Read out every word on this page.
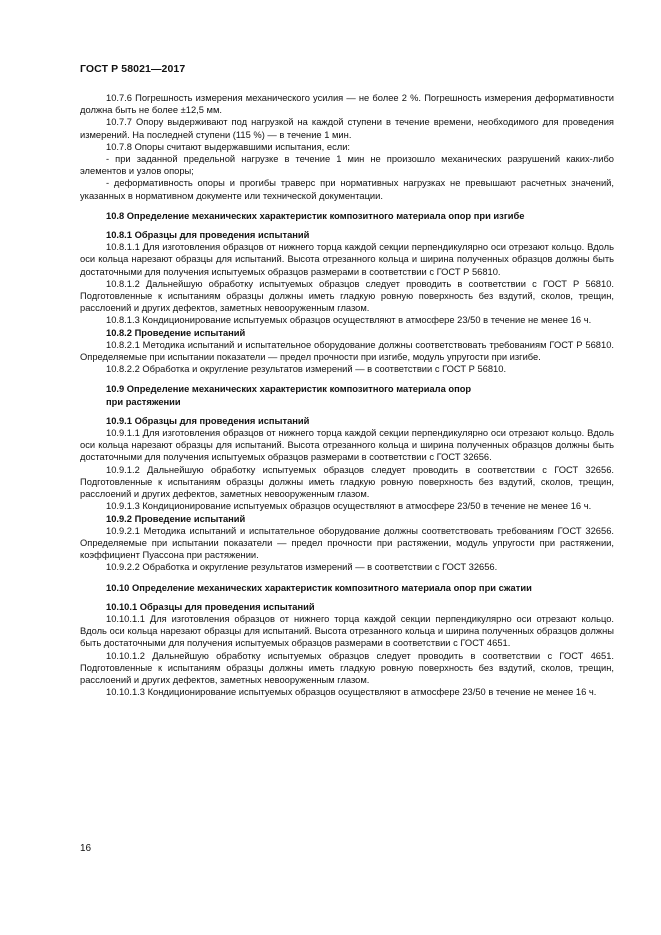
ГОСТ Р 58021—2017

10.7.6 Погрешность измерения механического усилия — не более 2 %. Погрешность измерения деформативности должна быть не более ±12,5 мм.

10.7.7 Опору выдерживают под нагрузкой на каждой ступени в течение времени, необходимого для проведения измерений. На последней ступени (115 %) — в течение 1 мин.

10.7.8 Опоры считают выдержавшими испытания, если:

- при заданной предельной нагрузке в течение 1 мин не произошло механических разрушений каких-либо элементов и узлов опоры;

- деформативность опоры и прогибы траверс при нормативных нагрузках не превышают расчетных значений, указанных в нормативном документе или технической документации.

10.8 Определение механических характеристик композитного материала опор при изгибе
10.8.1 Образцы для проведения испытаний

10.8.1.1 Для изготовления образцов от нижнего торца каждой секции перпендикулярно оси отрезают кольцо. Вдоль оси кольца нарезают образцы для испытаний. Высота отрезанного кольца и ширина полученных образцов должны быть достаточными для получения испытуемых образцов размерами в соответствии с ГОСТ Р 56810.

10.8.1.2 Дальнейшую обработку испытуемых образцов следует проводить в соответствии с ГОСТ Р 56810. Подготовленные к испытаниям образцы должны иметь гладкую ровную поверхность без вздутий, сколов, трещин, расслоений и других дефектов, заметных невооруженным глазом.

10.8.1.3 Кондиционирование испытуемых образцов осуществляют в атмосфере 23/50 в течение не менее 16 ч.

10.8.2 Проведение испытаний

10.8.2.1 Методика испытаний и испытательное оборудование должны соответствовать требованиям ГОСТ Р 56810. Определяемые при испытании показатели — предел прочности при изгибе, модуль упругости при изгибе.

10.8.2.2 Обработка и округление результатов измерений — в соответствии с ГОСТ Р 56810.

10.9 Определение механических характеристик композитного материала опор
при растяжении
10.9.1 Образцы для проведения испытаний

10.9.1.1 Для изготовления образцов от нижнего торца каждой секции перпендикулярно оси отрезают кольцо. Вдоль оси кольца нарезают образцы для испытаний. Высота отрезанного кольца и ширина полученных образцов должны быть достаточными для получения испытуемых образцов размерами в соответствии с ГОСТ 32656.

10.9.1.2 Дальнейшую обработку испытуемых образцов следует проводить в соответствии с ГОСТ 32656. Подготовленные к испытаниям образцы должны иметь гладкую ровную поверхность без вздутий, сколов, трещин, расслоений и других дефектов, заметных невооруженным глазом.

10.9.1.3 Кондиционирование испытуемых образцов осуществляют в атмосфере 23/50 в течение не менее 16 ч.

10.9.2 Проведение испытаний

10.9.2.1 Методика испытаний и испытательное оборудование должны соответствовать требованиям ГОСТ 32656. Определяемые при испытании показатели — предел прочности при растяжении, модуль упругости при растяжении, коэффициент Пуассона при растяжении.

10.9.2.2 Обработка и округление результатов измерений — в соответствии с ГОСТ 32656.

10.10 Определение механических характеристик композитного материала опор при сжатии
10.10.1 Образцы для проведения испытаний

10.10.1.1 Для изготовления образцов от нижнего торца каждой секции перпендикулярно оси отрезают кольцо. Вдоль оси кольца нарезают образцы для испытаний. Высота отрезанного кольца и ширина полученных образцов должны быть достаточными для получения испытуемых образцов размерами в соответствии с ГОСТ 4651.

10.10.1.2 Дальнейшую обработку испытуемых образцов следует проводить в соответствии с ГОСТ 4651. Подготовленные к испытаниям образцы должны иметь гладкую ровную поверхность без вздутий, сколов, трещин, расслоений и других дефектов, заметных невооруженным глазом.

10.10.1.3 Кондиционирование испытуемых образцов осуществляют в атмосфере 23/50 в течение не менее 16 ч.

16
